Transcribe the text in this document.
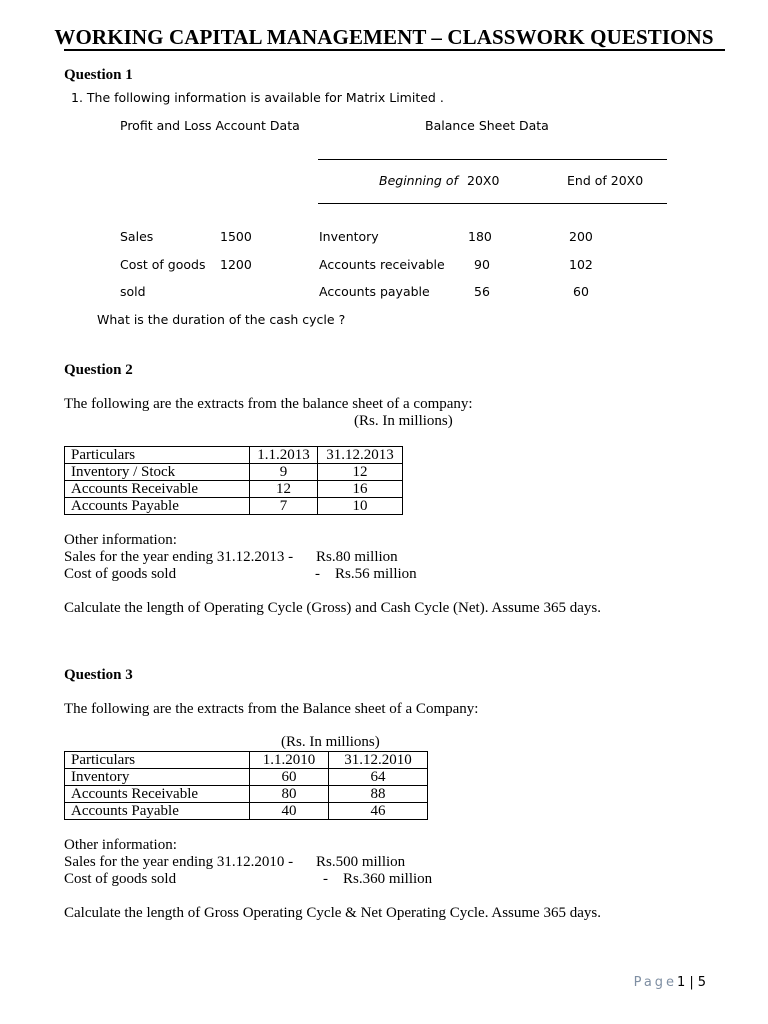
WORKING CAPITAL MANAGEMENT – CLASSWORK QUESTIONS
Question 1
1. The following information is available for Matrix Limited .
Profit and Loss Account Data	Balance Sheet Data
Beginning of 20X0	End of 20X0
Sales	1500
Cost of goods 1200
sold
Inventory	180	200
Accounts receivable 90	102
Accounts payable	56	60
What is the duration of the cash cycle ?
Question 2
The following are the extracts from the balance sheet of a company:
(Rs. In millions)
Particulars	1.1.2013	31.12.2013
Inventory / Stock	9	12
Accounts Receivable	12	16
Accounts Payable	7	10
Other information:
Sales for the year ending 31.12.2013 - Rs.80 million
Cost of goods sold	- Rs.56 million
Calculate the length of Operating Cycle (Gross) and Cash Cycle (Net). Assume 365 days.
Question 3
The following are the extracts from the Balance sheet of a Company:
(Rs. In millions)
Particulars	1.1.2010	31.12.2010
Inventory	60	64
Accounts Receivable	80	88
Accounts Payable	40	46
Other information:
Sales for the year ending 31.12.2010 - Rs.500 million
Cost of goods sold	- Rs.360 million
Calculate the length of Gross Operating Cycle & Net Operating Cycle. Assume 365 days.
Page1 | 5
